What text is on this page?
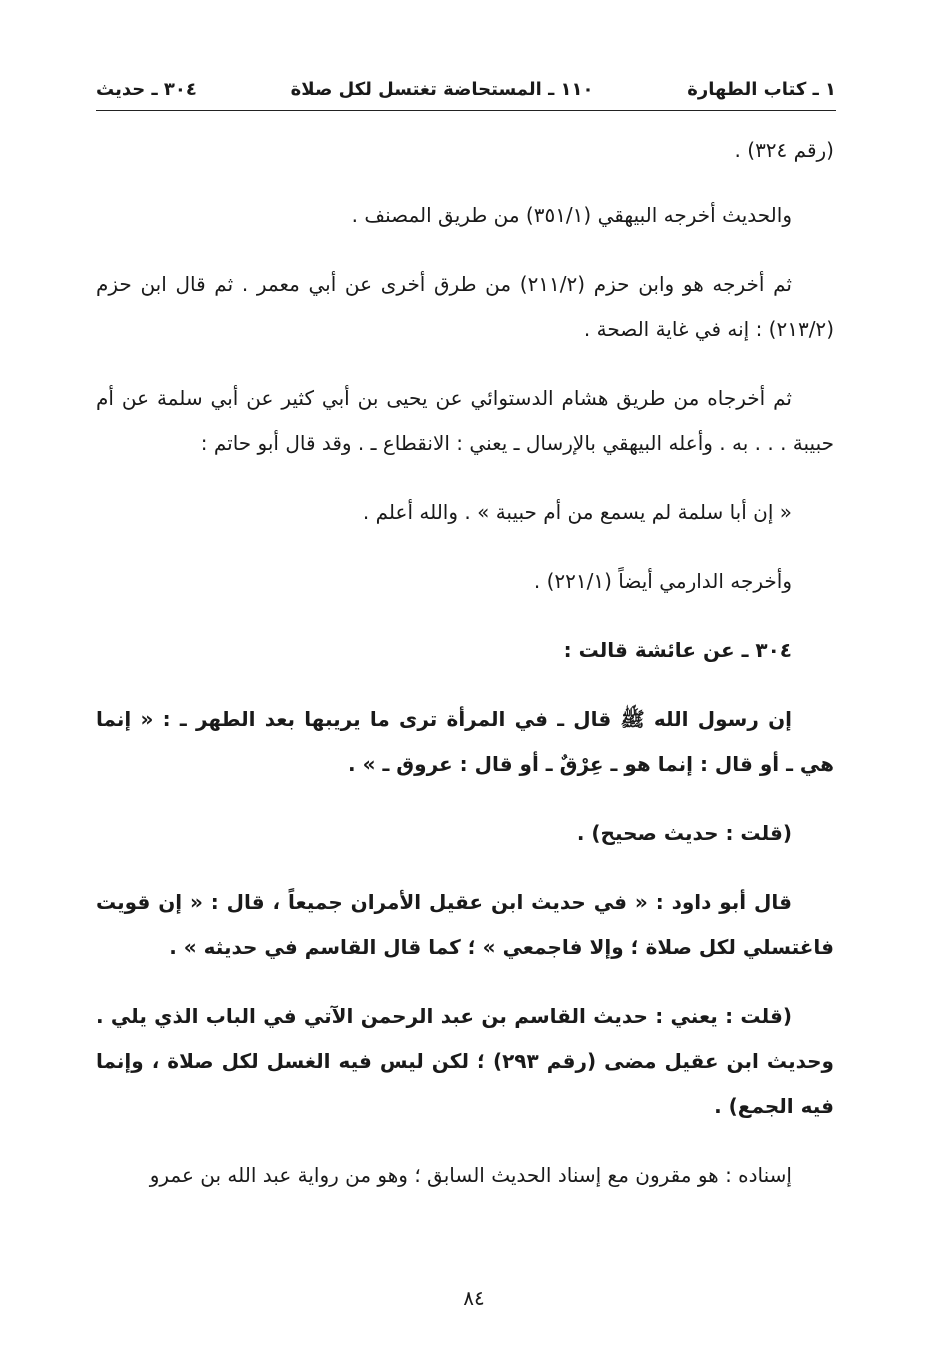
١ ـ كتاب الطهارة
١١٠ ـ المستحاضة تغتسل لكل صلاة
٣٠٤ ـ حديث

(رقم ٣٢٤) .

والحديث أخرجه البيهقي (٣٥١/١) من طريق المصنف .

ثم أخرجه هو وابن حزم (٢١١/٢) من طرق أخرى عن أبي معمر . ثم قال ابن حزم (٢١٣/٢) : إنه في غاية الصحة .

ثم أخرجاه من طريق هشام الدستوائي عن يحيى بن أبي كثير عن أبي سلمة عن أم حبيبة . . . به . وأعله البيهقي بالإرسال ـ يعني : الانقطاع ـ . وقد قال أبو حاتم :

« إن أبا سلمة لم يسمع من أم حبيبة » . والله أعلم .

وأخرجه الدارمي أيضاً (٢٢١/١) .

٣٠٤ ـ عن عائشة قالت :

إن رسول الله ﷺ قال ـ في المرأة ترى ما يريبها بعد الطهر ـ : « إنما هي ـ أو قال : إنما هو ـ عِرْقٌ ـ أو قال : عروق ـ » .

(قلت : حديث صحيح) .

قال أبو داود : « في حديث ابن عقيل الأمران جميعاً ، قال : « إن قويت فاغتسلي لكل صلاة ؛ وإلا فاجمعي » ؛ كما قال القاسم في حديثه » .

(قلت : يعني : حديث القاسم بن عبد الرحمن الآتي في الباب الذي يلي . وحديث ابن عقيل مضى (رقم ٢٩٣) ؛ لكن ليس فيه الغسل لكل صلاة ، وإنما فيه الجمع) .

إسناده : هو مقرون مع إسناد الحديث السابق ؛ وهو من رواية عبد الله بن عمرو

٨٤
